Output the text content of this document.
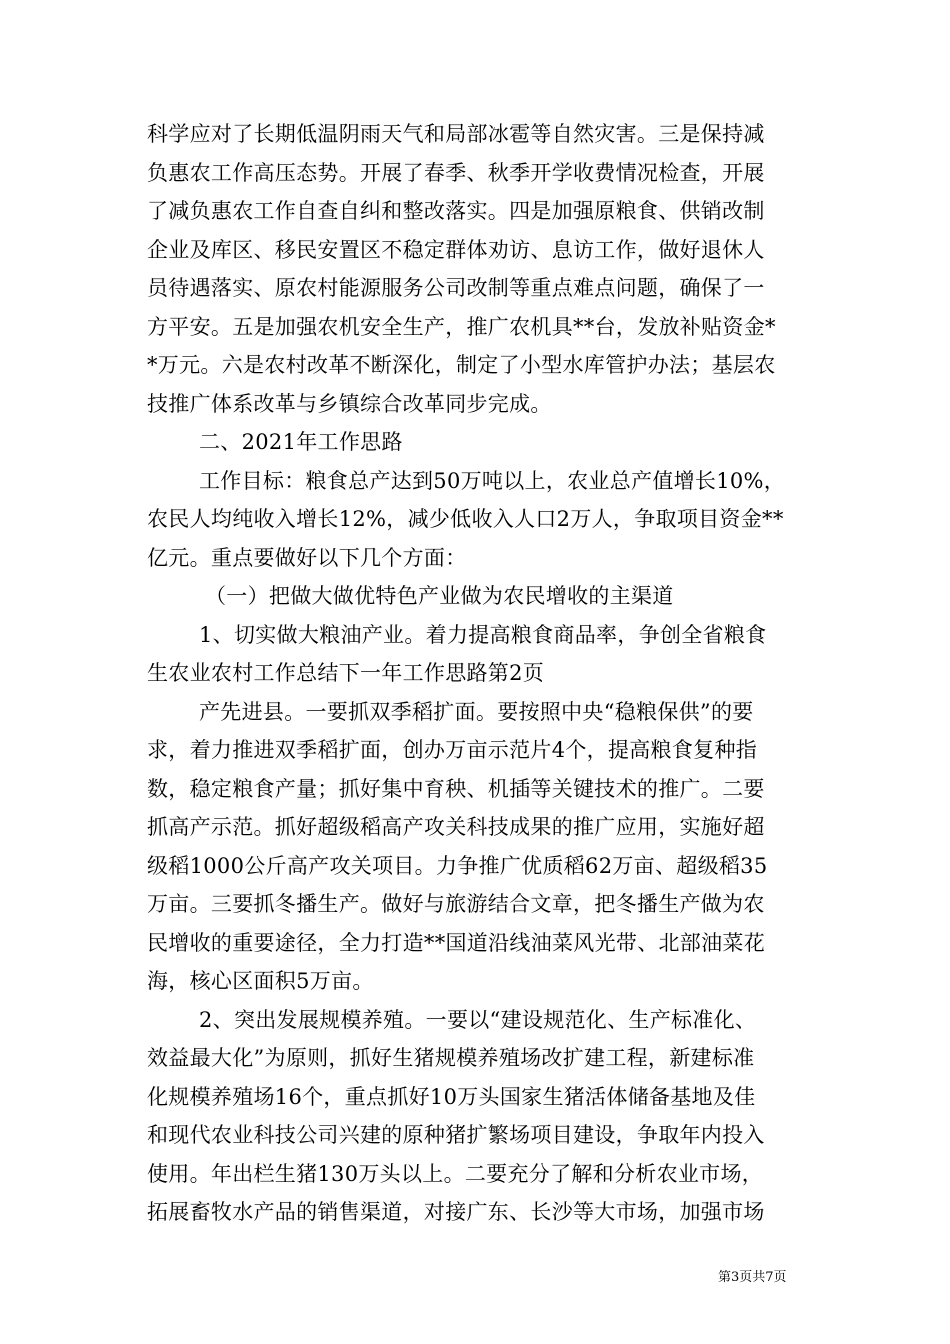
科学应对了长期低温阴雨天气和局部冰雹等自然灾害。三是保持减
负惠农工作高压态势。开展了春季、秋季开学收费情况检查，开展
了减负惠农工作自查自纠和整改落实。四是加强原粮食、供销改制
企业及库区、移民安置区不稳定群体劝访、息访工作，做好退休人
员待遇落实、原农村能源服务公司改制等重点难点问题，确保了一
方平安。五是加强农机安全生产，推广农机具**台，发放补贴资金*
*万元。六是农村改革不断深化，制定了小型水库管护办法；基层农
技推广体系改革与乡镇综合改革同步完成。
二、2021年工作思路
工作目标：粮食总产达到50万吨以上，农业总产值增长10%，
农民人均纯收入增长12%，减少低收入人口2万人，争取项目资金**
亿元。重点要做好以下几个方面：
（一）把做大做优特色产业做为农民增收的主渠道
1、切实做大粮油产业。着力提高粮食商品率，争创全省粮食
生农业农村工作总结下一年工作思路第2页
产先进县。一要抓双季稻扩面。要按照中央“稳粮保供”的要
求，着力推进双季稻扩面，创办万亩示范片4个，提高粮食复种指
数，稳定粮食产量；抓好集中育秧、机插等关键技术的推广。二要
抓高产示范。抓好超级稻高产攻关科技成果的推广应用，实施好超
级稻1000公斤高产攻关项目。力争推广优质稻62万亩、超级稻35
万亩。三要抓冬播生产。做好与旅游结合文章，把冬播生产做为农
民增收的重要途径，全力打造**国道沿线油菜风光带、北部油菜花
海，核心区面积5万亩。
2、突出发展规模养殖。一要以“建设规范化、生产标准化、
效益最大化”为原则，抓好生猪规模养殖场改扩建工程，新建标准
化规模养殖场16个，重点抓好10万头国家生猪活体储备基地及佳
和现代农业科技公司兴建的原种猪扩繁场项目建设，争取年内投入
使用。年出栏生猪130万头以上。二要充分了解和分析农业市场，
拓展畜牧水产品的销售渠道，对接广东、长沙等大市场，加强市场
第3页共7页
